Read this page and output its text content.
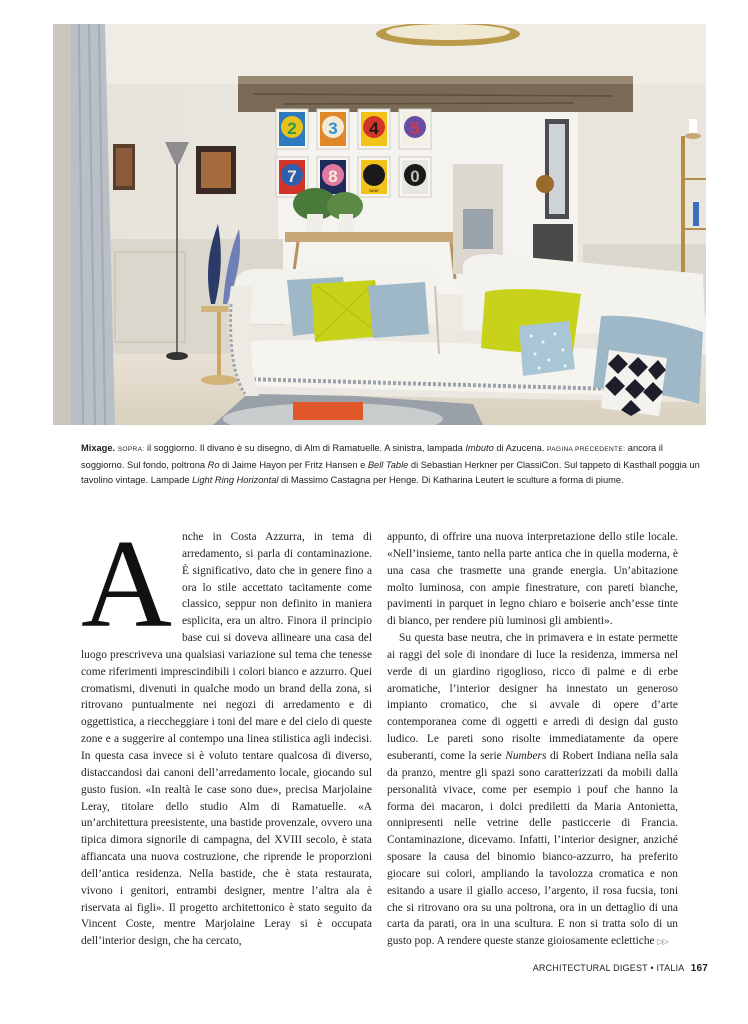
2 3 4 5
7 8 9
NINE
0
Mixage. SOPRA: il soggiorno. Il divano è su disegno, di Alm di Ramatuelle. A sinistra, lampada Imbuto di Azucena. PAGINA PRECEDENTE: ancora il soggiorno. Sul fondo, poltrona Ro di Jaime Hayon per Fritz Hansen e Bell Table di Sebastian Herkner per ClassiCon. Sul tappeto di Kasthall poggia un tavolino vintage. Lampade Light Ring Horizontal di Massimo Castagna per Henge. Di Katharina Leutert le sculture a forma di piume.

Anche in Costa Azzurra, in tema di arredamento, si parla di contaminazione. È significativo, dato che in genere fino a ora lo stile accettato tacitamente come classico, seppur non definito in maniera esplicita, era un altro. Finora il principio base cui si doveva allineare una casa del luogo prescriveva una qualsiasi variazione sul tema che tenesse come riferimenti imprescindibili i colori bianco e azzurro. Quei cromatismi, divenuti in qualche modo un brand della zona, si ritrovano puntualmente nei negozi di arredamento e di oggettistica, a rieccheggiare i toni del mare e del cielo di queste zone e a suggerire al contempo una linea stilistica agli indecisi. In questa casa invece si è voluto tentare qualcosa di diverso, distaccandosi dai canoni dell’arredamento locale, giocando sul gusto fusion. «In realtà le case sono due», precisa Marjolaine Leray, titolare dello studio Alm di Ramatuelle. «A un’architettura preesistente, una bastide provenzale, ovvero una tipica dimora signorile di campagna, del XVIII secolo, è stata affiancata una nuova costruzione, che riprende le proporzioni dell’antica residenza. Nella bastide, che è stata restaurata, vivono i genitori, entrambi designer, mentre l’altra ala è riservata ai figli». Il progetto architettonico è stato seguito da Vincent Coste, mentre Marjolaine Leray si è occupata dell’interior design, che ha cercato,

appunto, di offrire una nuova interpretazione dello stile locale. «Nell’insieme, tanto nella parte antica che in quella moderna, è una casa che trasmette una grande energia. Un’abitazione molto luminosa, con ampie finestrature, con pareti bianche, pavimenti in parquet in legno chiaro e boiserie anch’esse tinte di bianco, per rendere più luminosi gli ambienti».

Su questa base neutra, che in primavera e in estate permette ai raggi del sole di inondare di luce la residenza, immersa nel verde di un giardino rigoglioso, ricco di palme e di erbe aromatiche, l’interior designer ha innestato un generoso impianto cromatico, che si avvale di opere d’arte contemporanea come di oggetti e arredi di design dal gusto ludico. Le pareti sono risolte immediatamente da opere esuberanti, come la serie Numbers di Robert Indiana nella sala da pranzo, mentre gli spazi sono caratterizzati da mobili dalla personalità vivace, come per esempio i pouf che hanno la forma dei macaron, i dolci prediletti da Maria Antonietta, onnipresenti nelle vetrine delle pasticcerie di Francia. Contaminazione, dicevamo. Infatti, l’interior designer, anziché sposare la causa del binomio bianco-azzurro, ha preferito giocare sui colori, ampliando la tavolozza cromatica e non esitando a usare il giallo acceso, l’argento, il rosa fucsia, toni che si ritrovano ora su una poltrona, ora in un dettaglio di una carta da parati, ora in una scultura. E non si tratta solo di un gusto pop. A rendere queste stanze gioiosamente eclettiche ▷▷

ARCHITECTURAL DIGEST • ITALIA 167
